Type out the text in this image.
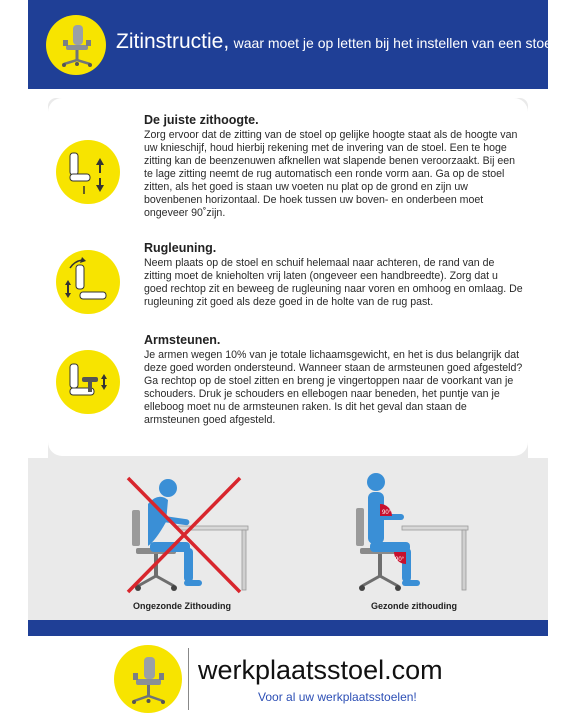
Zitinstructie, waar moet je op letten bij het instellen van een stoel?
De juiste zithoogte.

Zorg ervoor dat de zitting van de stoel op gelijke hoogte staat als de hoogte van uw knieschijf, houd hierbij rekening met de invering van de stoel. Een te hoge zitting kan de beenzenuwen afknellen wat slapende benen veroorzaakt. Bij een te lage zitting neemt de rug automatisch een ronde vorm aan. Ga op de stoel zitten, als het goed is staan uw voeten nu plat op de grond en zijn uw bovenbenen horizontaal. De hoek tussen uw boven- en onderbeen moet ongeveer 90˚zijn.

Rugleuning.

Neem plaats op de stoel en schuif helemaal naar achteren, de rand van de zitting moet de knieholten vrij laten (ongeveer een handbreedte). Zorg dat u goed rechtop zit en beweeg de rugleuning naar voren en omhoog en omlaag. De rugleuning zit goed als deze goed in de holte van de rug past.

Armsteunen.

Je armen wegen 10% van je totale lichaamsgewicht, en het is dus belangrijk dat deze goed worden ondersteund. Wanneer staan de armsteunen goed afgesteld? Ga rechtop op de stoel zitten en breng je vingertoppen naar de voorkant van je schouders. Druk je schouders en ellebogen naar beneden, het puntje van je elleboog moet nu de armsteunen raken. Is dit het geval dan staan de armsteunen goed afgesteld.

Ongezonde Zithouding
90°
90°
Gezonde zithouding
werkplaatsstoel.com
Voor al uw werkplaatsstoelen!
